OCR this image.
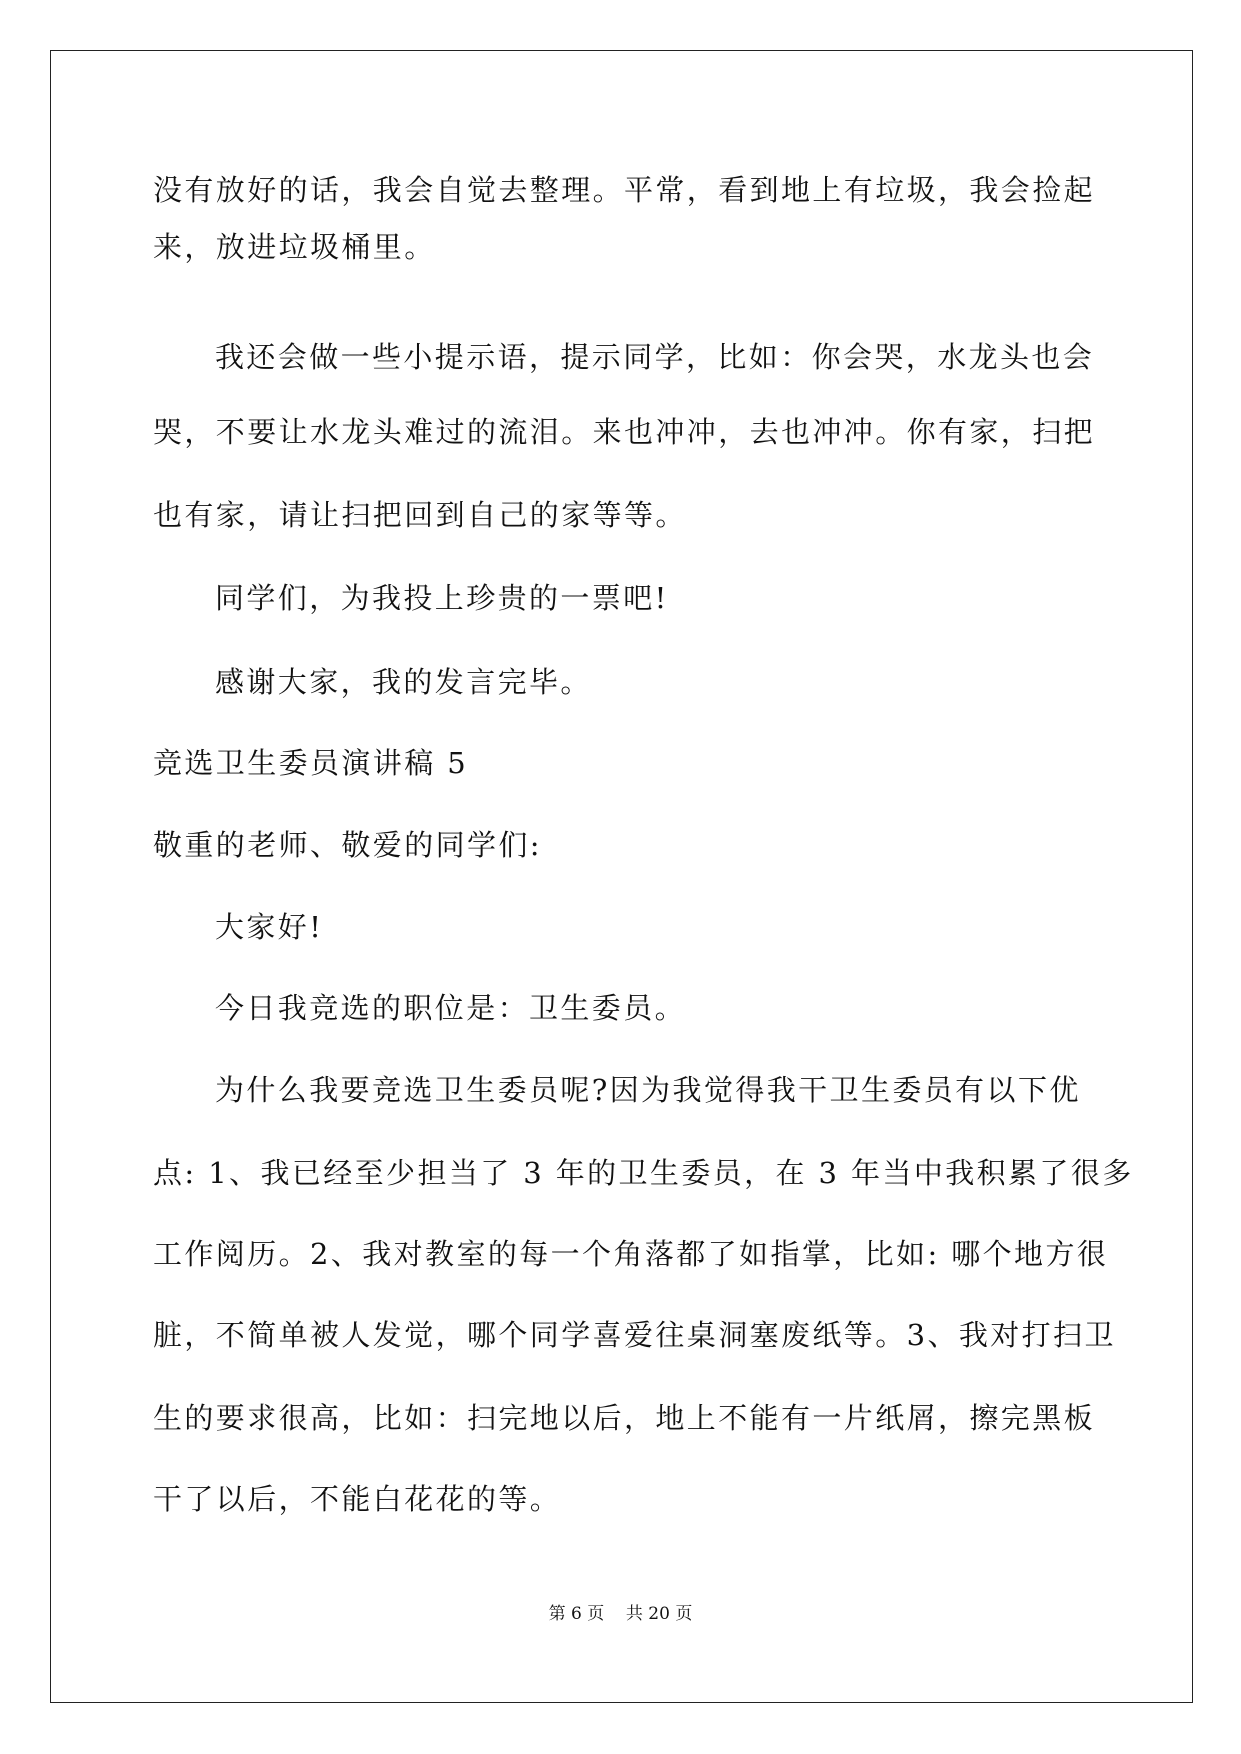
没有放好的话，我会自觉去整理。平常，看到地上有垃圾，我会捡起
来，放进垃圾桶里。
我还会做一些小提示语，提示同学，比如：你会哭，水龙头也会
哭，不要让水龙头难过的流泪。来也冲冲，去也冲冲。你有家，扫把
也有家，请让扫把回到自己的家等等。
同学们，为我投上珍贵的一票吧!
感谢大家，我的发言完毕。
竞选卫生委员演讲稿 5
敬重的老师、敬爱的同学们:
大家好!
今日我竞选的职位是：卫生委员。
为什么我要竞选卫生委员呢?因为我觉得我干卫生委员有以下优
点: 1、我已经至少担当了 3 年的卫生委员，在 3 年当中我积累了很多
工作阅历。2、我对教室的每一个角落都了如指掌，比如: 哪个地方很
脏，不简单被人发觉，哪个同学喜爱往桌洞塞废纸等。3、我对打扫卫
生的要求很高，比如：扫完地以后，地上不能有一片纸屑，擦完黑板
干了以后，不能白花花的等。
第 6 页    共 20 页
